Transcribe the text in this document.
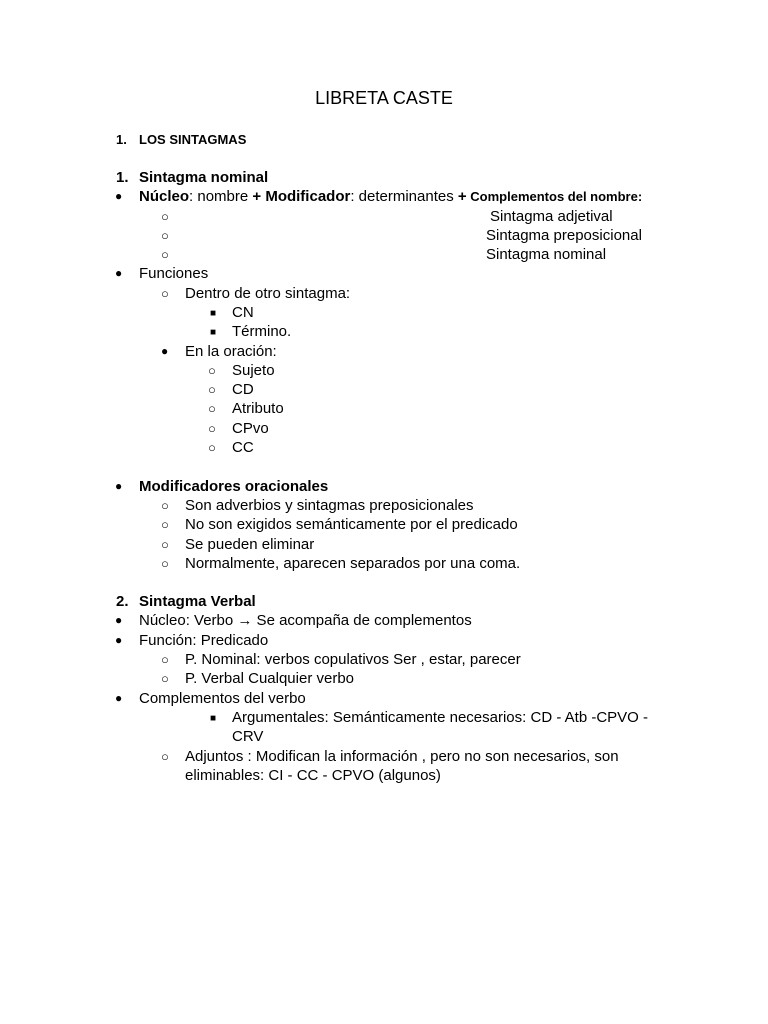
LIBRETA CASTE
1. LOS SINTAGMAS
1. Sintagma nominal
● Núcleo: nombre + Modificador: determinantes + Complementos del nombre:
○	Sintagma adjetival
○	Sintagma preposicional
○	Sintagma nominal
● Funciones
○ Dentro de otro sintagma:
■ CN
■ Término.
● En la oración:
○ Sujeto
○ CD
○ Atributo
○ CPvo
○ CC
● Modificadores oracionales
○ Son adverbios y sintagmas preposicionales
○ No son exigidos semánticamente por el predicado
○ Se pueden eliminar
○ Normalmente, aparecen separados por una coma.
2. Sintagma Verbal
● Núcleo: Verbo → Se acompaña de complementos
● Función: Predicado
○ P. Nominal: verbos copulativos Ser , estar, parecer
○ P. Verbal Cualquier verbo
● Complementos del verbo
■ Argumentales: Semánticamente necesarios: CD - Atb -CPVO -
CRV
○ Adjuntos : Modifican la información , pero no son necesarios, son
eliminables: CI - CC - CPVO (algunos)
